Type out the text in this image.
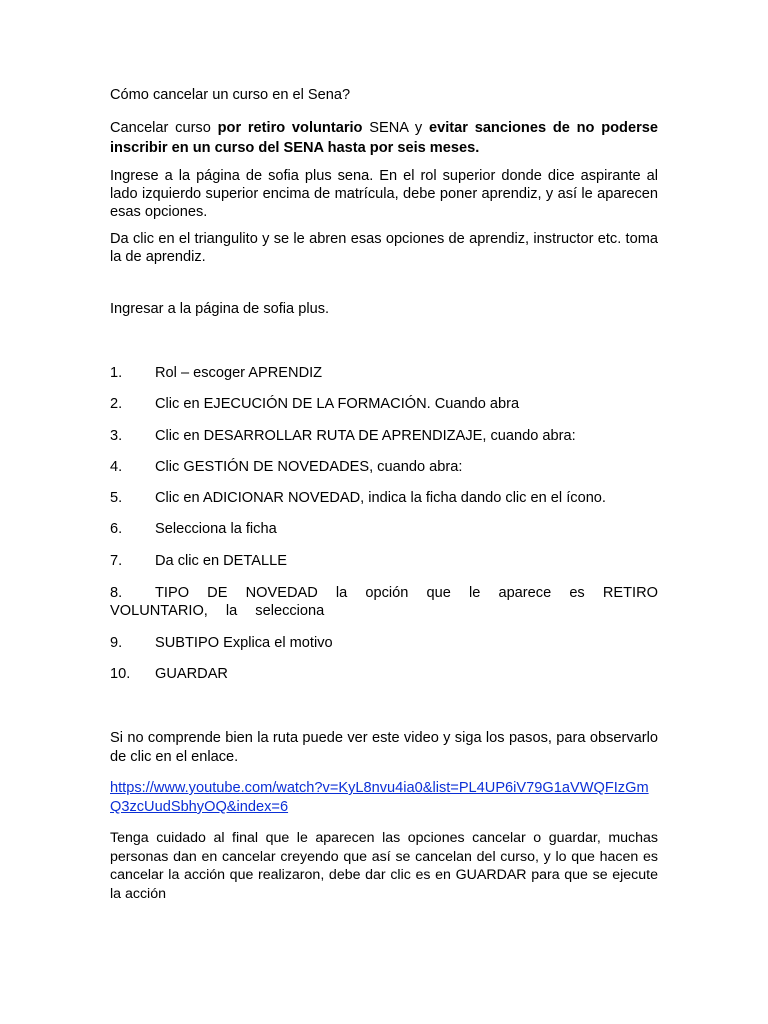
Cómo cancelar un curso en el Sena?

Cancelar curso por retiro voluntario SENA y evitar sanciones de no poderse inscribir en un curso del SENA hasta por seis meses.

Ingrese a la página de sofia plus sena. En el rol superior donde dice aspirante al lado izquierdo superior encima de matrícula, debe poner aprendiz, y así le aparecen esas opciones.

Da clic en el triangulito y se le abren esas opciones de aprendiz, instructor etc. toma la de aprendiz.

Ingresar a la página de sofia plus.

1. Rol – escoger APRENDIZ

2. Clic en EJECUCIÓN DE LA FORMACIÓN. Cuando abra

3. Clic en DESARROLLAR RUTA DE APRENDIZAJE, cuando abra:

4. Clic GESTIÓN DE NOVEDADES, cuando abra:

5. Clic en ADICIONAR NOVEDAD, indica la ficha dando clic en el ícono.

6. Selecciona la ficha

7. Da clic en DETALLE

8. TIPO DE NOVEDAD la opción que le aparece es RETIRO VOLUNTARIO, la selecciona

9. SUBTIPO Explica el motivo

10. GUARDAR

Si no comprende bien la ruta puede ver este video y siga los pasos, para observarlo de clic en el enlace.

https://www.youtube.com/watch?v=KyL8nvu4ia0&list=PL4UP6iV79G1aVWQFIzGmQ3zcUudSbhyOQ&index=6

Tenga cuidado al final que le aparecen las opciones cancelar o guardar, muchas personas dan en cancelar creyendo que así se cancelan del curso, y lo que hacen es cancelar la acción que realizaron, debe dar clic es en GUARDAR para que se ejecute la acción
